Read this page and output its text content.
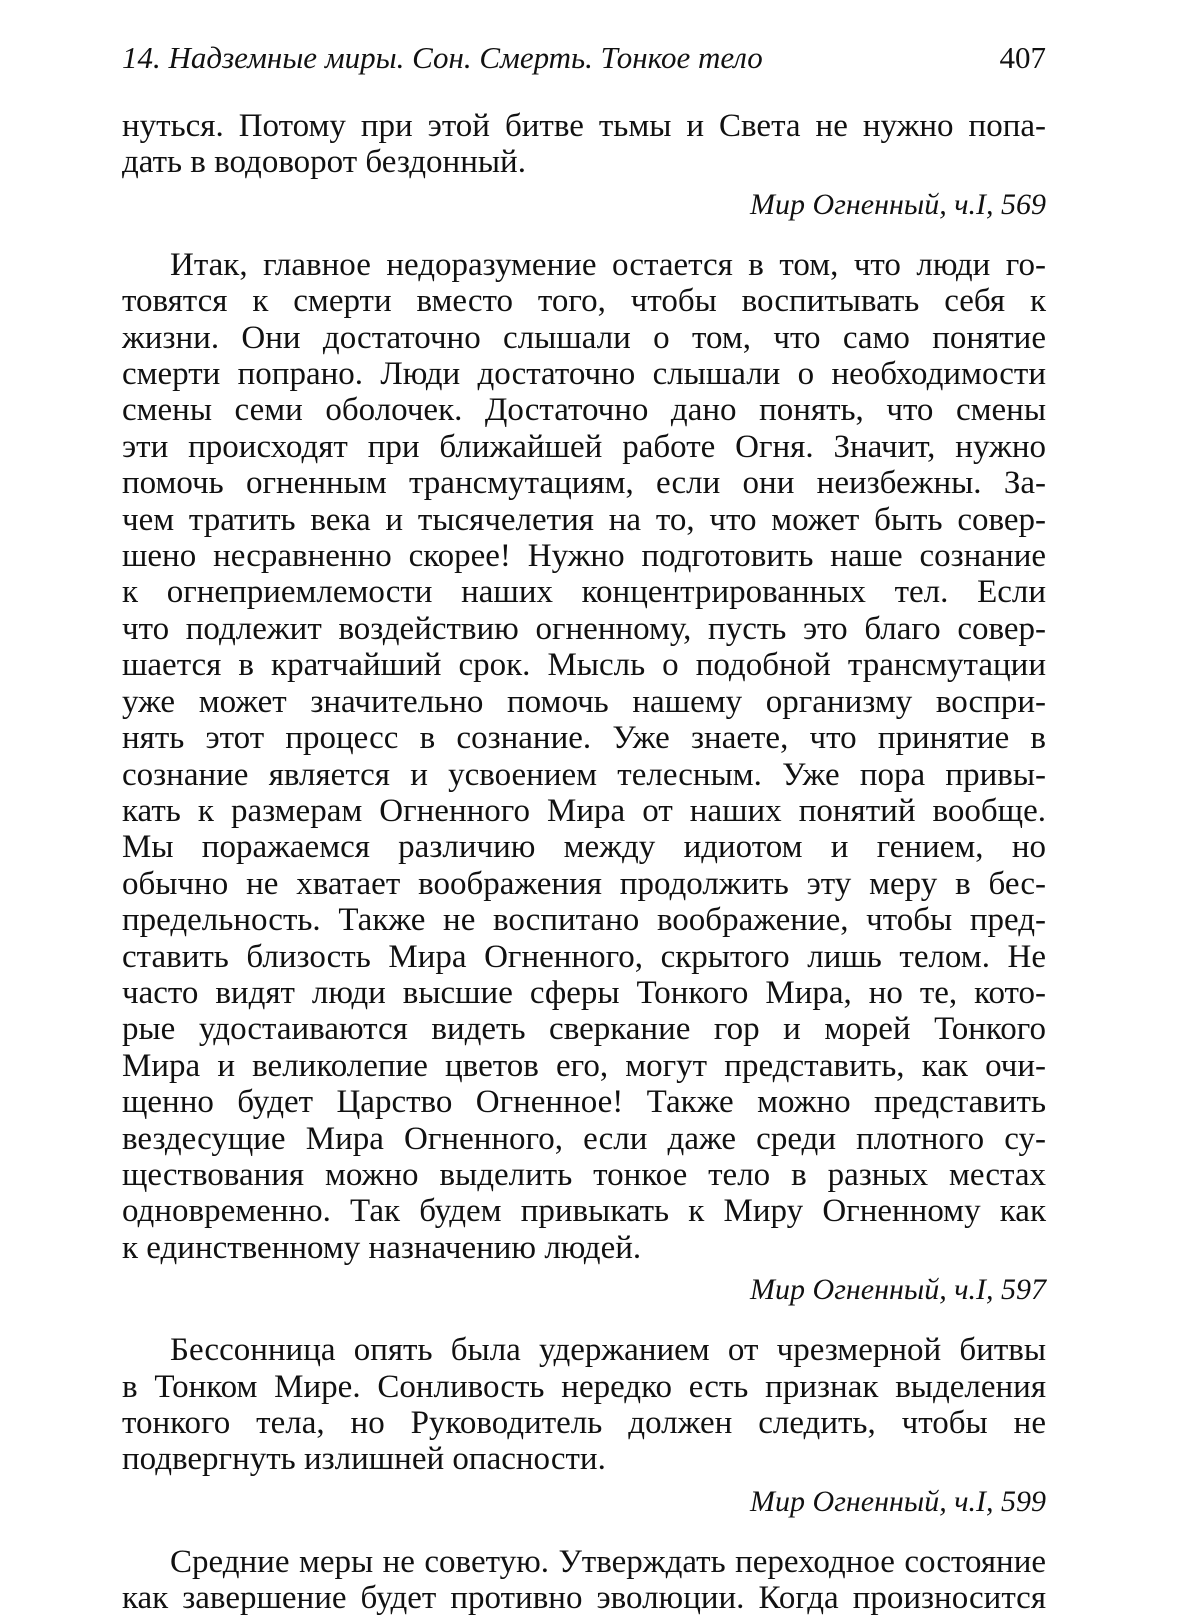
14. Надземные миры. Сон. Смерть. Тонкое тело	407
нуться. Потому при этой битве тьмы и Света не нужно попа-
дать в водоворот бездонный.
Мир Огненный, ч.I, 569
Итак, главное недоразумение остается в том, что люди го-
товятся к смерти вместо того, чтобы воспитывать себя к
жизни. Они достаточно слышали о том, что само понятие
смерти попрано. Люди достаточно слышали о необходимости
смены семи оболочек. Достаточно дано понять, что смены
эти происходят при ближайшей работе Огня. Значит, нужно
помочь огненным трансмутациям, если они неизбежны. За-
чем тратить века и тысячелетия на то, что может быть совер-
шено несравненно скорее! Нужно подготовить наше сознание
к огнеприемлемости наших концентрированных тел. Если
что подлежит воздействию огненному, пусть это благо совер-
шается в кратчайший срок. Мысль о подобной трансмутации
уже может значительно помочь нашему организму воспри-
нять этот процесс в сознание. Уже знаете, что принятие в
сознание является и усвоением телесным. Уже пора привы-
кать к размерам Огненного Мира от наших понятий вообще.
Мы поражаемся различию между идиотом и гением, но
обычно не хватает воображения продолжить эту меру в бес-
предельность. Также не воспитано воображение, чтобы пред-
ставить близость Мира Огненного, скрытого лишь телом. Не
часто видят люди высшие сферы Тонкого Мира, но те, кото-
рые удостаиваются видеть сверкание гор и морей Тонкого
Мира и великолепие цветов его, могут представить, как очи-
щенно будет Царство Огненное! Также можно представить
вездесущие Мира Огненного, если даже среди плотного су-
ществования можно выделить тонкое тело в разных местах
одновременно. Так будем привыкать к Миру Огненному как
к единственному назначению людей.
Мир Огненный, ч.I, 597
Бессонница опять была удержанием от чрезмерной битвы
в Тонком Мире. Сонливость нередко есть признак выделения
тонкого тела, но Руководитель должен следить, чтобы не
подвергнуть излишней опасности.
Мир Огненный, ч.I, 599
Средние меры не советую. Утверждать переходное состояние
как завершение будет противно эволюции. Когда произносится
